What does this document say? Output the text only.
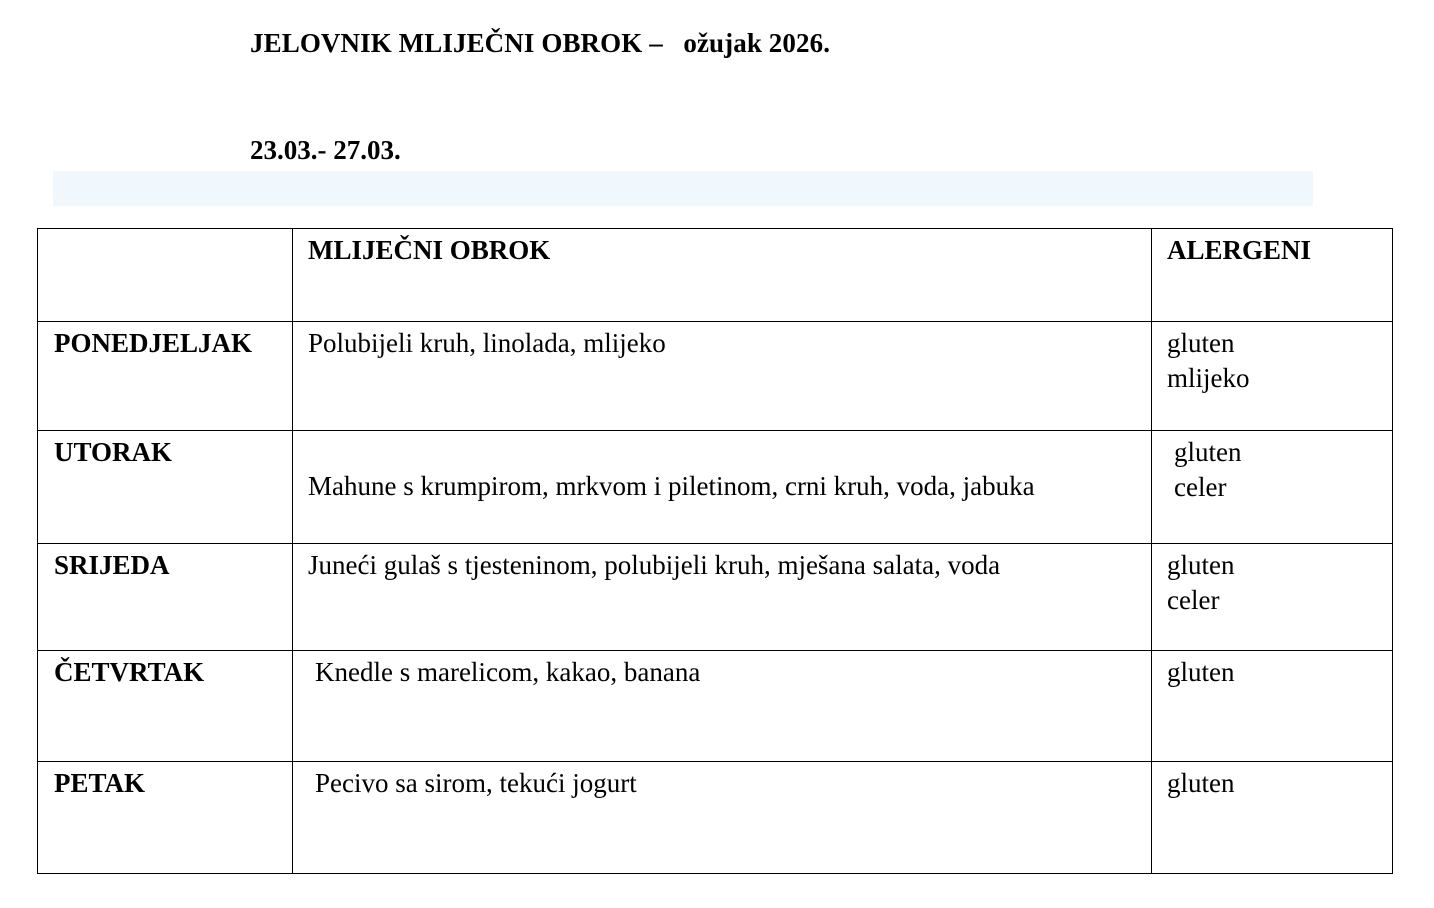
JELOVNIK MLIJEČNI OBROK –   ožujak 2026.
23.03.- 27.03.

	MLIJEČNI OBROK	ALERGENI

PONEDJELJAK	Polubijeli kruh, linolada, mlijeko	gluten
mlijeko

UTORAK	Mahune s krumpirom, mrkvom i piletinom, crni kruh, voda, jabuka	gluten
celer

SRIJEDA	Juneći gulaš s tjesteninom, polubijeli kruh, mješana salata, voda	gluten
celer

ČETVRTAK	Knedle s marelicom, kakao, banana	gluten

PETAK	Pecivo sa sirom, tekući jogurt	gluten
